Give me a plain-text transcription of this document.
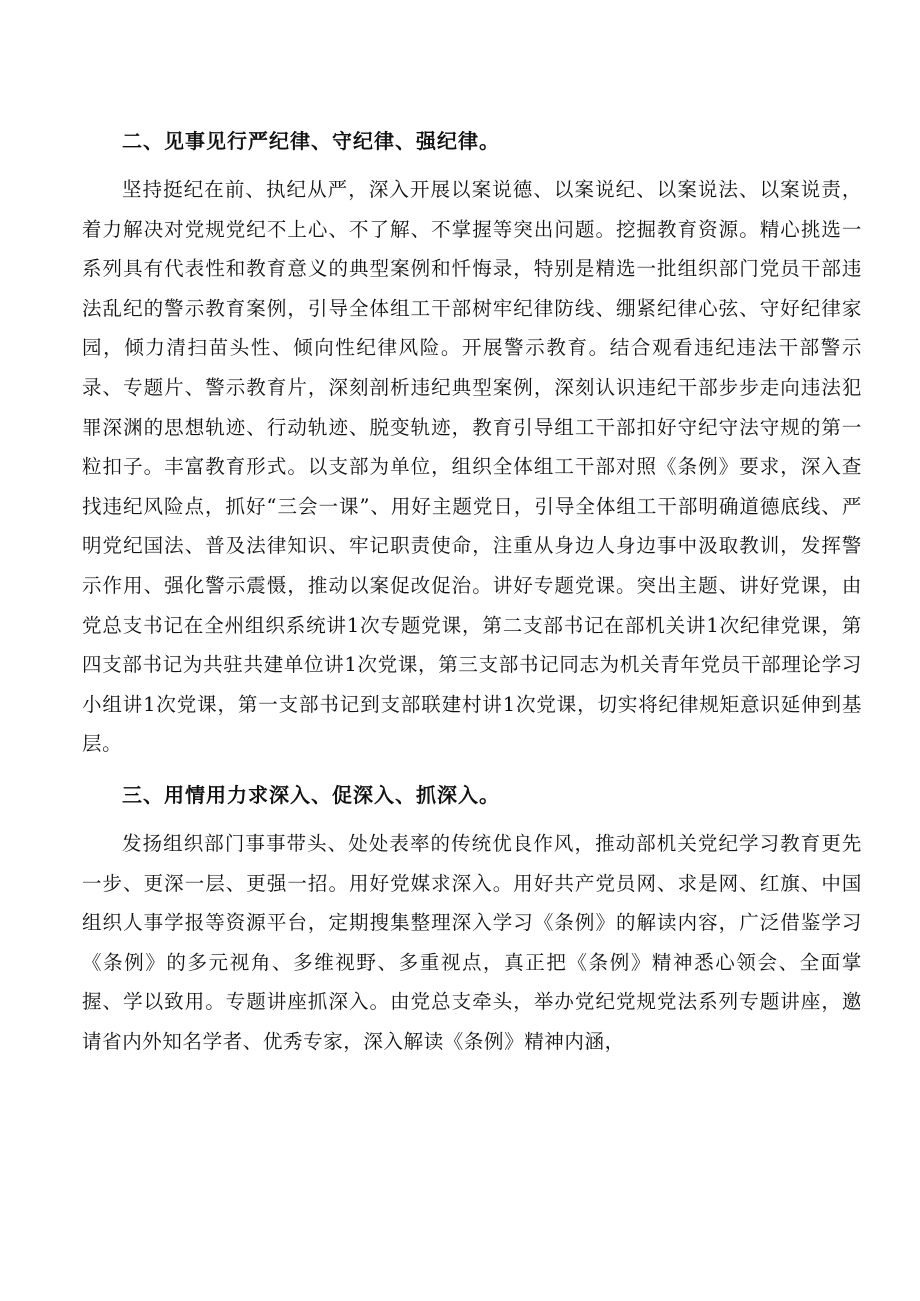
二、见事见行严纪律、守纪律、强纪律。

坚持挺纪在前、执纪从严，深入开展以案说德、以案说纪、以案说法、以案说责，着力解决对党规党纪不上心、不了解、不掌握等突出问题。挖掘教育资源。精心挑选一系列具有代表性和教育意义的典型案例和忏悔录，特别是精选一批组织部门党员干部违法乱纪的警示教育案例，引导全体组工干部树牢纪律防线、绷紧纪律心弦、守好纪律家园，倾力清扫苗头性、倾向性纪律风险。开展警示教育。结合观看违纪违法干部警示录、专题片、警示教育片，深刻剖析违纪典型案例，深刻认识违纪干部步步走向违法犯罪深渊的思想轨迹、行动轨迹、脱变轨迹，教育引导组工干部扣好守纪守法守规的第一粒扣子。丰富教育形式。以支部为单位，组织全体组工干部对照《条例》要求，深入查找违纪风险点，抓好“三会一课”、用好主题党日，引导全体组工干部明确道德底线、严明党纪国法、普及法律知识、牢记职责使命，注重从身边人身边事中汲取教训，发挥警示作用、强化警示震慑，推动以案促改促治。讲好专题党课。突出主题、讲好党课，由党总支书记在全州组织系统讲1次专题党课，第二支部书记在部机关讲1次纪律党课，第四支部书记为共驻共建单位讲1次党课，第三支部书记同志为机关青年党员干部理论学习小组讲1次党课，第一支部书记到支部联建村讲1次党课，切实将纪律规矩意识延伸到基层。

三、用情用力求深入、促深入、抓深入。

发扬组织部门事事带头、处处表率的传统优良作风，推动部机关党纪学习教育更先一步、更深一层、更强一招。用好党媒求深入。用好共产党员网、求是网、红旗、中国组织人事学报等资源平台，定期搜集整理深入学习《条例》的解读内容，广泛借鉴学习《条例》的多元视角、多维视野、多重视点，真正把《条例》精神悉心领会、全面掌握、学以致用。专题讲座抓深入。由党总支牵头，举办党纪党规党法系列专题讲座，邀请省内外知名学者、优秀专家，深入解读《条例》精神内涵，
